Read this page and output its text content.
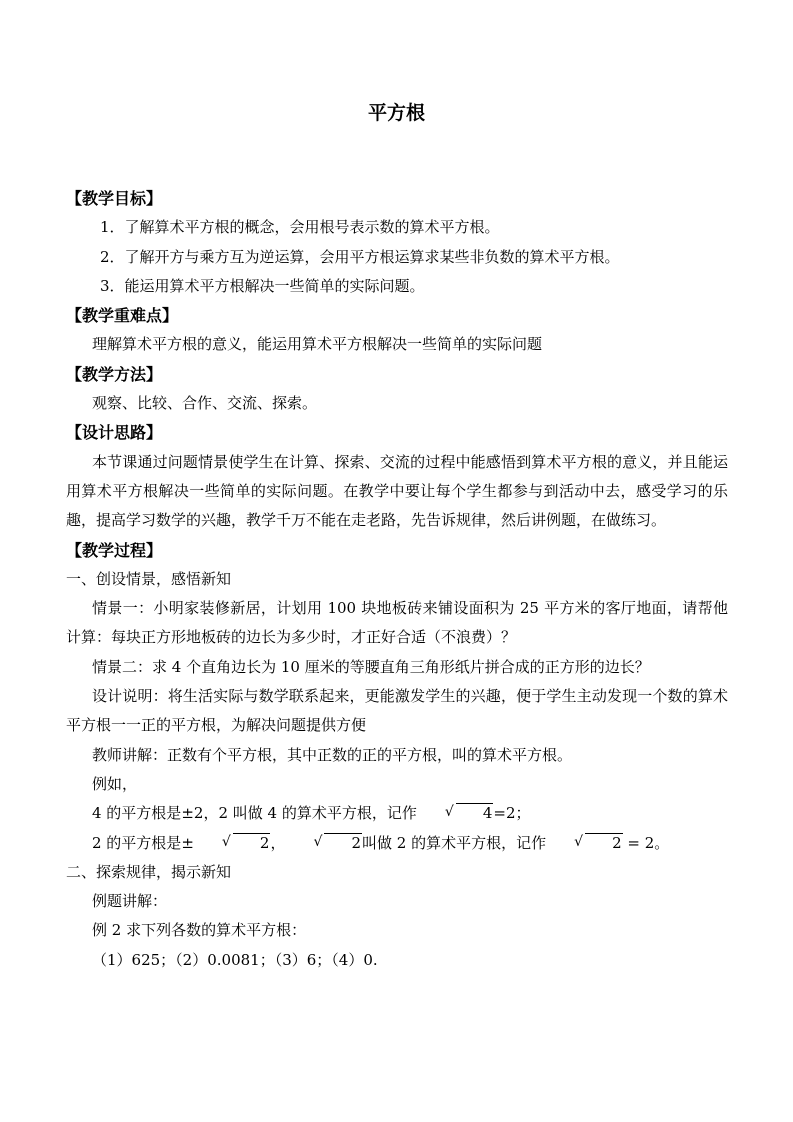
平方根

【教学目标】

1．了解算术平方根的概念，会用根号表示数的算术平方根。

2．了解开方与乘方互为逆运算，会用平方根运算求某些非负数的算术平方根。

3．能运用算术平方根解决一些简单的实际问题。

【教学重难点】

理解算术平方根的意义，能运用算术平方根解决一些简单的实际问题

【教学方法】

观察、比较、合作、交流、探索。

【设计思路】

本节课通过问题情景使学生在计算、探索、交流的过程中能感悟到算术平方根的意义，并且能运用算术平方根解决一些简单的实际问题。在教学中要让每个学生都参与到活动中去，感受学习的乐趣，提高学习数学的兴趣，教学千万不能在走老路，先告诉规律，然后讲例题，在做练习。

【教学过程】

一、创设情景，感悟新知

情景一：小明家装修新居，计划用 100 块地板砖来铺设面积为 25 平方米的客厅地面，请帮他计算：每块正方形地板砖的边长为多少时，才正好合适（不浪费）？

情景二：求 4 个直角边长为 10 厘米的等腰直角三角形纸片拼合成的正方形的边长？

设计说明：将生活实际与数学联系起来，更能激发学生的兴趣，便于学生主动发现一个数的算术平方根一一正的平方根，为解决问题提供方便

教师讲解：正数有个平方根，其中正数的正的平方根，叫的算术平方根。

例如，

4 的平方根是±2，2 叫做 4 的算术平方根，记作	√ 4=2；

2 的平方根是±	√ 2，	√ 2叫做 2 的算术平方根，记作	√ 2 = 2。

二、探索规律，揭示新知

例题讲解：

例 2 求下列各数的算术平方根：

（1）625；（2）0.0081；（3）6；（4）0.
